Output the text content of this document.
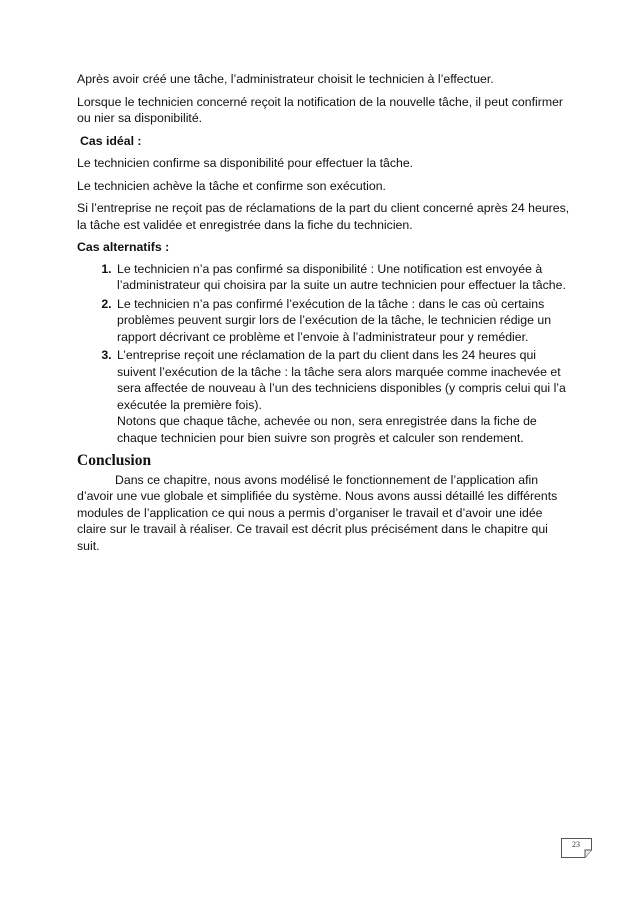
Après avoir créé une tâche, l’administrateur choisit le technicien à l’effectuer.

Lorsque le technicien concerné reçoit la notification de la nouvelle tâche, il peut confirmer ou nier sa disponibilité.

Cas idéal :

Le technicien confirme sa disponibilité pour effectuer la tâche.

Le technicien achève la tâche et confirme son exécution.

Si l’entreprise ne reçoit pas de réclamations de la part du client concerné après 24 heures, la tâche est validée et enregistrée dans la fiche du technicien.

Cas alternatifs :

1. Le technicien n’a pas confirmé sa disponibilité : Une notification est envoyée à l’administrateur qui choisira par la suite un autre technicien pour effectuer la tâche.
2. Le technicien n’a pas confirmé l’exécution de la tâche : dans le cas où certains problèmes peuvent surgir lors de l’exécution de la tâche, le technicien rédige un rapport décrivant ce problème et l’envoie à l’administrateur pour y remédier.
3. L’entreprise reçoit une réclamation de la part du client dans les 24 heures qui suivent l’exécution de la tâche : la tâche sera alors marquée comme inachevée et sera affectée de nouveau à l’un des techniciens disponibles (y compris celui qui l’a exécutée la première fois).
Notons que chaque tâche, achevée ou non, sera enregistrée dans la fiche de chaque technicien pour bien suivre son progrès et calculer son rendement.

Conclusion

Dans ce chapitre, nous avons modélisé le fonctionnement de l’application afin d’avoir une vue globale et simplifiée du système. Nous avons aussi détaillé les différents modules de l’application ce qui nous a permis d’organiser le travail et d’avoir une idée claire sur le travail à réaliser. Ce travail est décrit plus précisément dans le chapitre qui suit.

23
